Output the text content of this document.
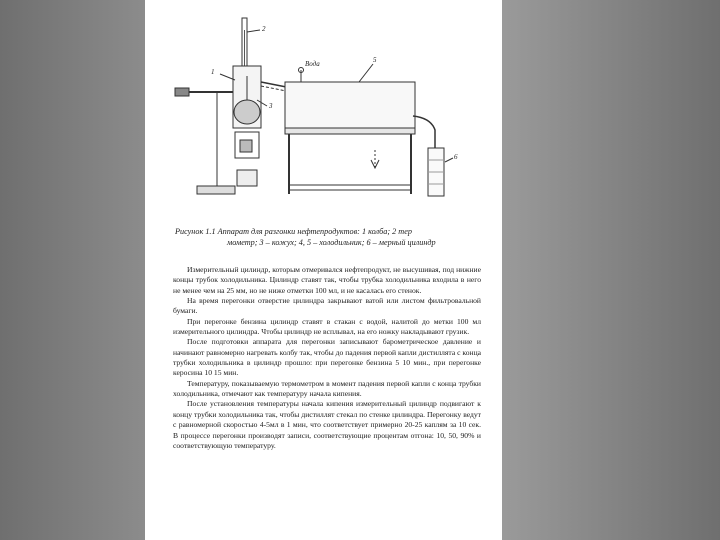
2
1
3
5
Вода
6
Рисунок 1.1 Аппарат для разгонки нефтепродуктов: 1 колба; 2 тер
мометр; 3 – кожух; 4, 5 – холодильник; 6 – мерный цилиндр

Измерительный цилиндр, которым отмеривался нефтепродукт, не высушивая, под нижние концы трубок холодильника. Цилиндр ставят так, чтобы трубка холодильника входила в него не менее чем на 25 мм, но не ниже отметки 100 мл, и не касалась его стенок.

На время перегонки отверстие цилиндра закрывают ватой или листом фильтровальной бумаги.

При перегонке бензина цилиндр ставят в стакан с водой, налитой до метки 100 мл измерительного цилиндра. Чтобы цилиндр не всплывал, на его ножку накладывают грузик.

После подготовки аппарата для перегонки записывают барометрическое давление и начинают равномерно нагревать колбу так, чтобы до падения первой капли дистиллята с конца трубки холодильника в цилиндр прошло: при перегонке бензина 5 10 мин., при перегонке керосина 10 15 мин.

Температуру, показываемую термометром в момент падения первой капли с конца трубки холодильника, отмечают как температуру начала кипения.

После установления температуры начала кипения измерительный цилиндр подвигают к концу трубки холодильника так, чтобы дистиллят стекал по стенке цилиндра. Перегонку ведут с равномерной скоростью 4-5мл в 1 мин, что соответствует примерно 20-25 каплям за 10 сек. В процессе перегонки производят записи, соответствующие процентам отгона: 10, 50, 90% и соответствующую температуру.
